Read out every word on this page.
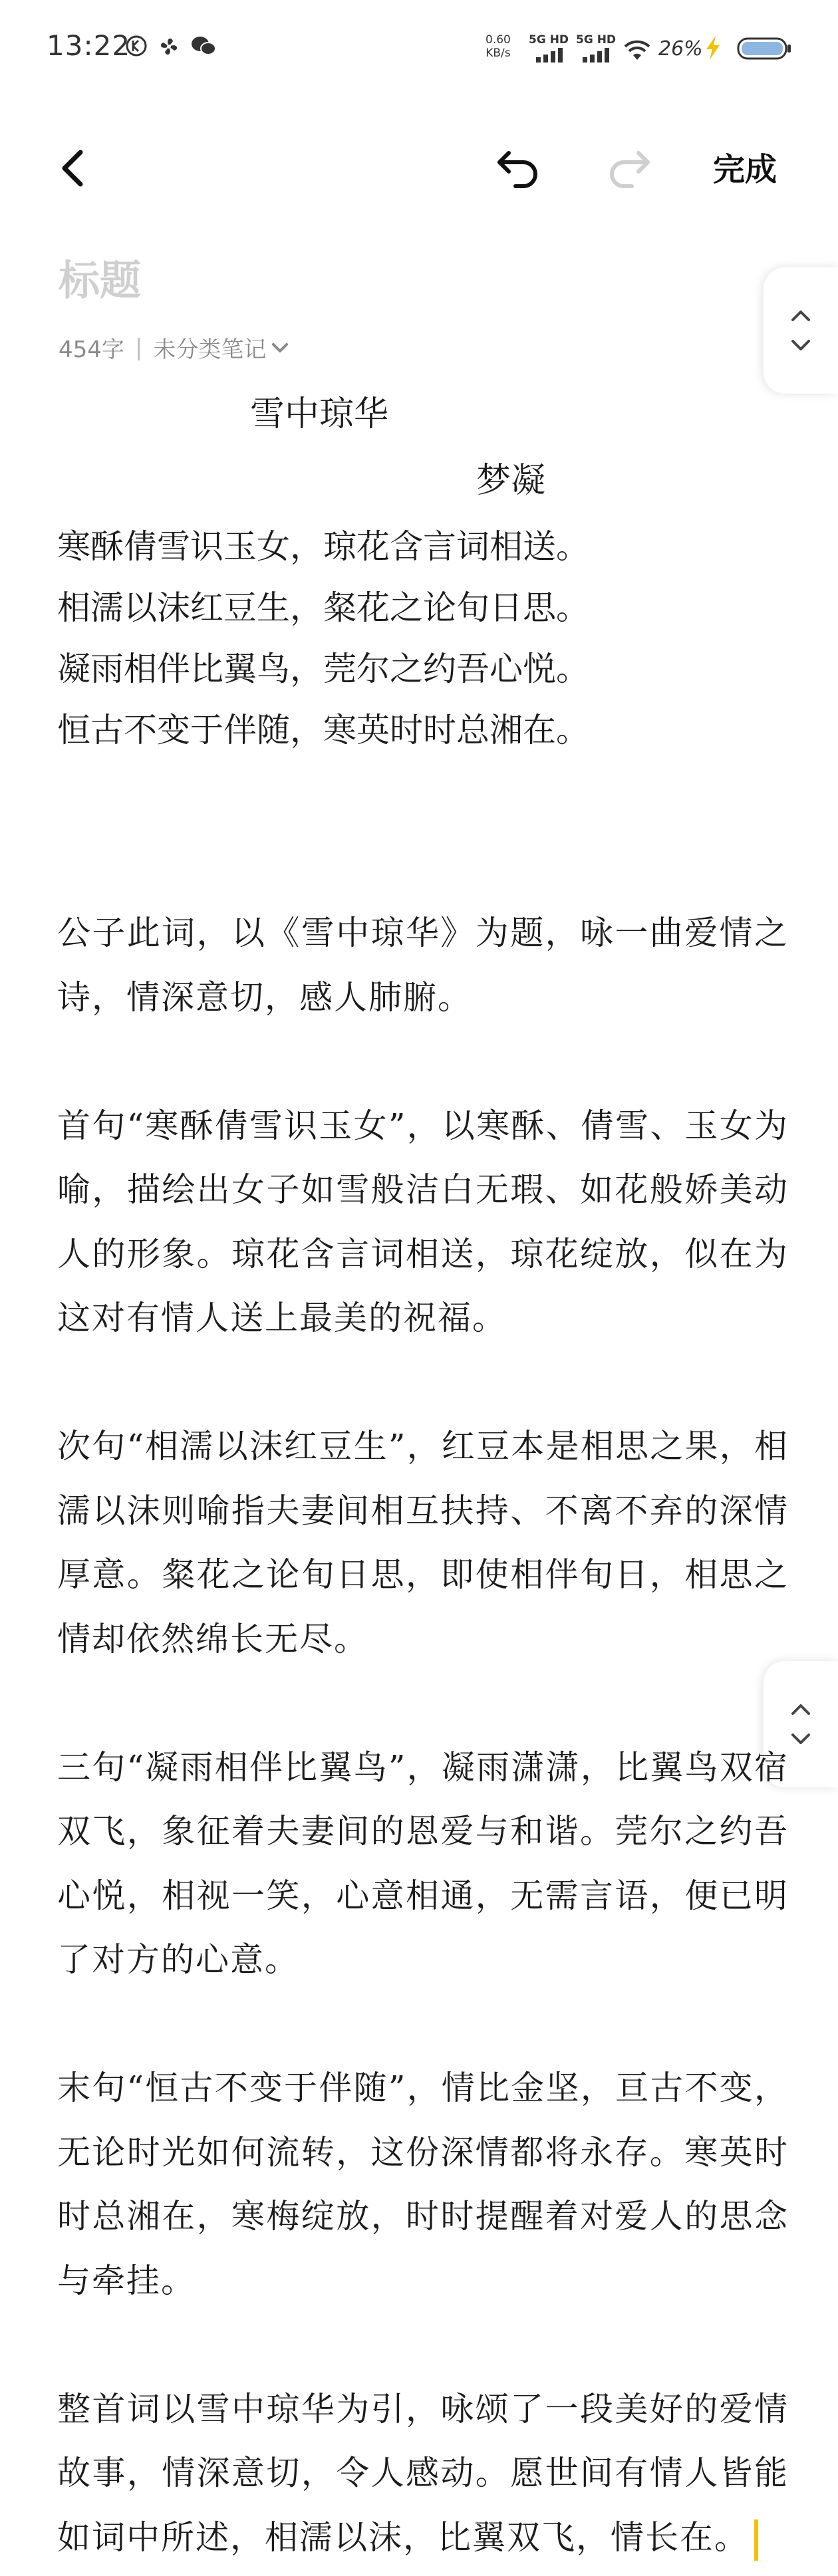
13:22	0.60
KB/s
5G HD 5G HD 26%
完成
标题
454字 | 未分类笔记
雪中琼华
梦凝

寒酥倩雪识玉女，琼花含言词相送。

相濡以沫红豆生，粲花之论旬日思。

凝雨相伴比翼鸟，莞尔之约吾心悦。

恒古不变于伴随，寒英时时总湘在。

公子此词，以《雪中琼华》为题，咏一曲爱情之诗，情深意切，感人肺腑。

首句“寒酥倩雪识玉女”，以寒酥、倩雪、玉女为喻，描绘出女子如雪般洁白无瑕、如花般娇美动人的形象。琼花含言词相送，琼花绽放，似在为这对有情人送上最美的祝福。

次句“相濡以沫红豆生”，红豆本是相思之果，相濡以沫则喻指夫妻间相互扶持、不离不弃的深情厚意。粲花之论旬日思，即使相伴旬日，相思之情却依然绵长无尽。

三句“凝雨相伴比翼鸟”，凝雨潇潇，比翼鸟双宿双飞，象征着夫妻间的恩爱与和谐。莞尔之约吾心悦，相视一笑，心意相通，无需言语，便已明了对方的心意。

末句“恒古不变于伴随”，情比金坚，亘古不变，无论时光如何流转，这份深情都将永存。寒英时时总湘在，寒梅绽放，时时提醒着对爱人的思念与牵挂。

整首词以雪中琼华为引，咏颂了一段美好的爱情故事，情深意切，令人感动。愿世间有情人皆能如词中所述，相濡以沫，比翼双飞，情长在。
